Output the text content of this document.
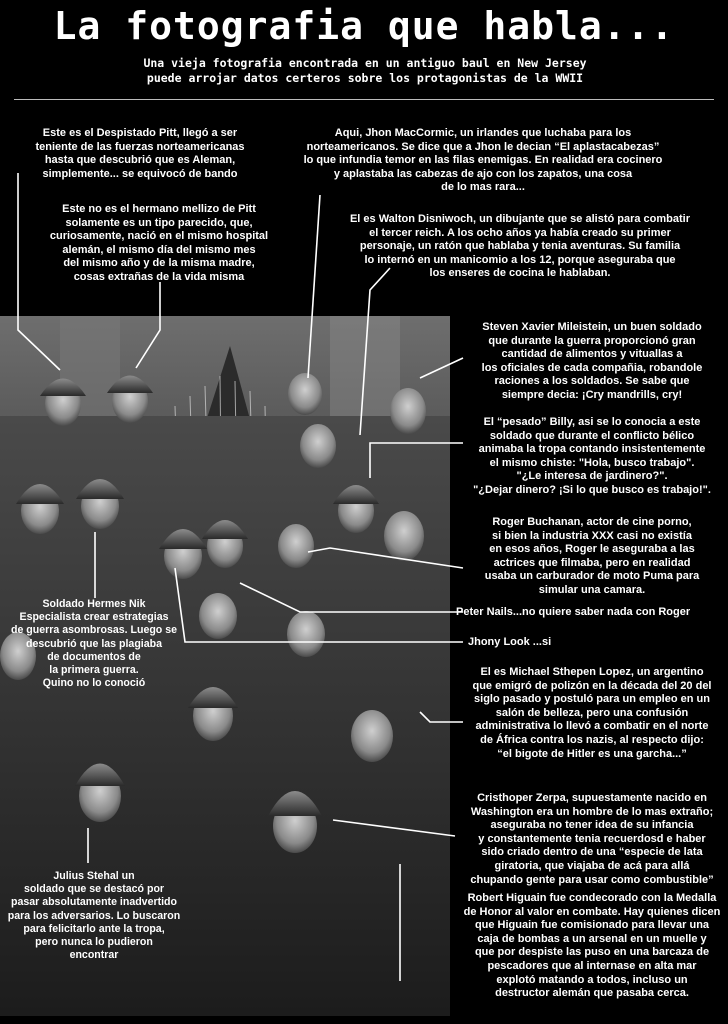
La fotografia que habla...
Una vieja fotografia encontrada en un antiguo baul en New Jersey
puede arrojar datos certeros sobre los protagonistas de la WWII
Este es el Despistado Pitt, llegó a ser
teniente de las fuerzas norteamericanas
hasta que descubrió que es Aleman,
simplemente... se equivocó de bando
Este no es el hermano mellizo de Pitt
solamente es un tipo parecido, que,
curiosamente, nació en el mismo hospital
alemán, el mismo día del mismo mes
del mismo año y de la misma madre,
cosas extrañas de la vida misma
Aqui, Jhon MacCormic, un irlandes que luchaba para los
norteamericanos. Se dice que a Jhon le decian “El aplastacabezas”
lo que infundia temor en las filas enemigas. En realidad era cocinero
y aplastaba las cabezas de ajo con los zapatos, una cosa
de lo mas rara...
El es Walton Disniwoch, un dibujante que se alistó para combatir
el tercer reich. A los ocho años ya había creado su primer
personaje, un ratón que hablaba y tenia aventuras. Su familia
lo internó en un manicomio a los 12, porque aseguraba que
los enseres de cocina le hablaban.
Steven Xavier Mileistein, un buen soldado
que durante la guerra proporcionó gran
cantidad de alimentos y vituallas a
los oficiales de cada compañia, robandole
raciones a los soldados. Se sabe que
siempre decia: ¡Cry mandrills, cry!
El “pesado” Billy, asi se lo conocia a este
soldado que durante el conflicto bélico
animaba la tropa contando insistentemente
el mismo chiste: "Hola, busco trabajo".
"¿Le interesa de jardinero?".
"¿Dejar dinero? ¡Si lo que busco es trabajo!".
Roger Buchanan, actor de cine porno,
si bien la industria XXX casi no existía
en esos años, Roger le aseguraba a las
actrices que filmaba, pero en realidad
usaba un carburador de moto Puma para
simular una camara.
Peter Nails...no quiere saber nada con Roger
Jhony Look ...si
Soldado Hermes Nik
Especialista crear estrategias
de guerra asombrosas. Luego se
descubrió que las plagiaba
de documentos de
la primera guerra.
Quino no lo conoció
El es Michael Sthepen Lopez, un argentino
que emigró de polizón en la década del 20 del
siglo pasado y postuló para un empleo en un
salón de belleza, pero una confusión
administrativa lo llevó a combatir en el norte
de África contra los nazis, al respecto dijo:
“el bigote de Hitler es una garcha...”
Cristhoper Zerpa, supuestamente nacido en
Washington era un hombre de lo mas extraño;
aseguraba no tener idea de su infancia
y constantemente tenia recuerdosd e haber
sido criado dentro de una “especie de lata
giratoria, que viajaba de acá para allá
chupando gente para usar como combustible”
Julius Stehal un
soldado que se destacó por
pasar absolutamente inadvertido
para los adversarios. Lo buscaron
para felicitarlo ante la tropa,
pero nunca lo pudieron
encontrar
Robert Higuain fue condecorado con la Medalla
de Honor al valor en combate. Hay quienes dicen
que Higuain fue comisionado para llevar una
caja de bombas a un arsenal en un muelle y
que por despiste las puso en una barcaza de
pescadores que al internase en alta mar
explotó matando a todos, incluso un
destructor alemán que pasaba cerca.
